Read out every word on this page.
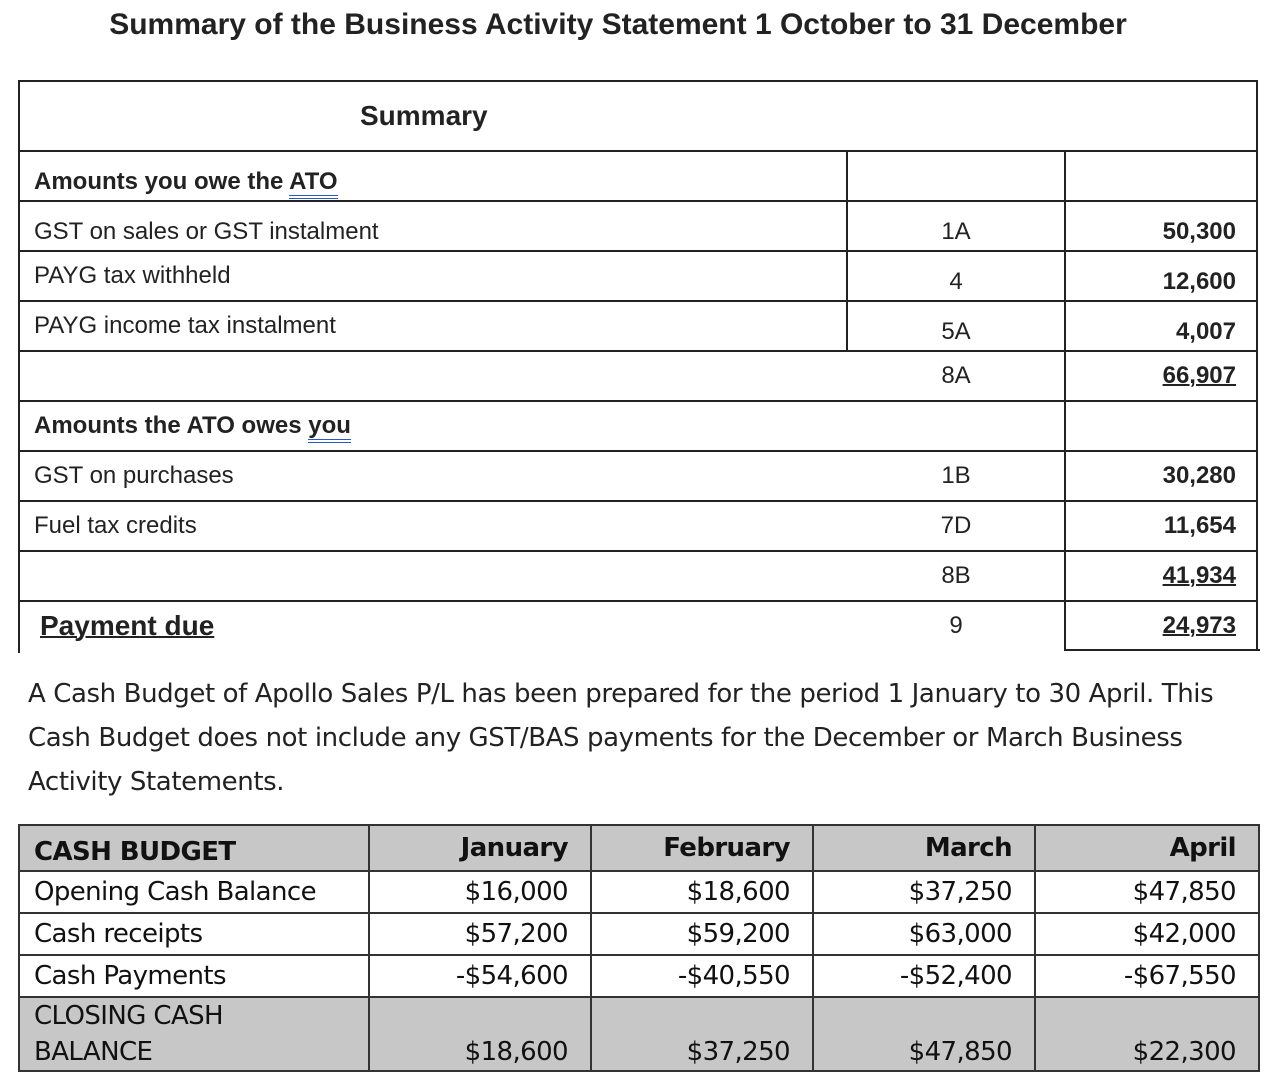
Summary of the Business Activity Statement 1 October to 31 December
Summary
Amounts you owe the ATO
GST on sales or GST instalment	1A	50,300
PAYG tax withheld	4	12,600
PAYG income tax instalment	5A	4,007
8A	66,907
Amounts the ATO owes you
GST on purchases	1B	30,280
Fuel tax credits	7D	11,654
8B	41,934
Payment due	9	24,973
A Cash Budget of Apollo Sales P/L has been prepared for the period 1 January to 30 April. This Cash Budget does not include any GST/BAS payments for the December or March Business Activity Statements.
CASH BUDGET	January	February	March	April
Opening Cash Balance	$16,000	$18,600	$37,250	$47,850
Cash receipts	$57,200	$59,200	$63,000	$42,000
Cash Payments	-$54,600	-$40,550	-$52,400	-$67,550
CLOSING CASH
BALANCE	$18,600	$37,250	$47,850	$22,300
